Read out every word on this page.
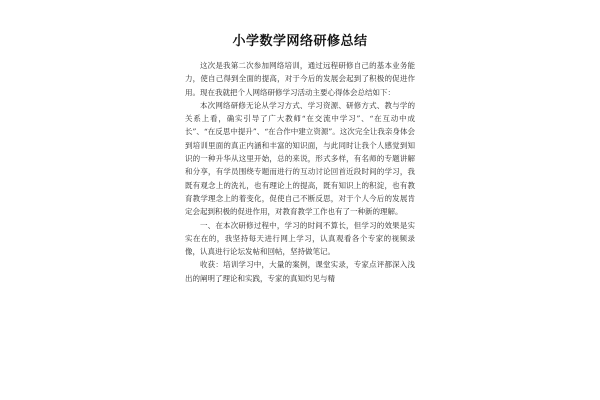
小学数学网络研修总结

这次是我第二次参加网络培训，通过远程研修自己的基本业务能力，使自己得到全面的提高，对于今后的发展会起到了积极的促进作用。现在我就把个人网络研修学习活动主要心得体会总结如下：

本次网络研修无论从学习方式、学习资源、研修方式、教与学的关系上看，确实引导了广大教师“在交流中学习”、“在互动中成长”、“在反思中提升”、“在合作中建立资源”。这次完全让我亲身体会到培训里面的真正内涵和丰富的知识面，与此同时让我个人感觉到知识的一种升华从这里开始，总的来说，形式多样，有名师的专题讲解和分享，有学员围绕专题而进行的互动讨论回首近段时间的学习，我既有观念上的洗礼，也有理论上的提高，既有知识上的积淀，也有教育教学理念上的着变化，促使自己不断反思，对于个人今后的发展肯定会起到积极的促进作用，对教育教学工作也有了一种新的理解。

一、在本次研修过程中，学习的时间不算长，但学习的效果是实实在在的，我坚持每天进行网上学习，认真观看各个专家的视频录像，认真进行论坛发帖和回帖，坚持做笔记。

收获：培训学习中，大量的案例，课堂实录，专家点评都深入浅出的阐明了理论和实践，专家的真知灼见与精
